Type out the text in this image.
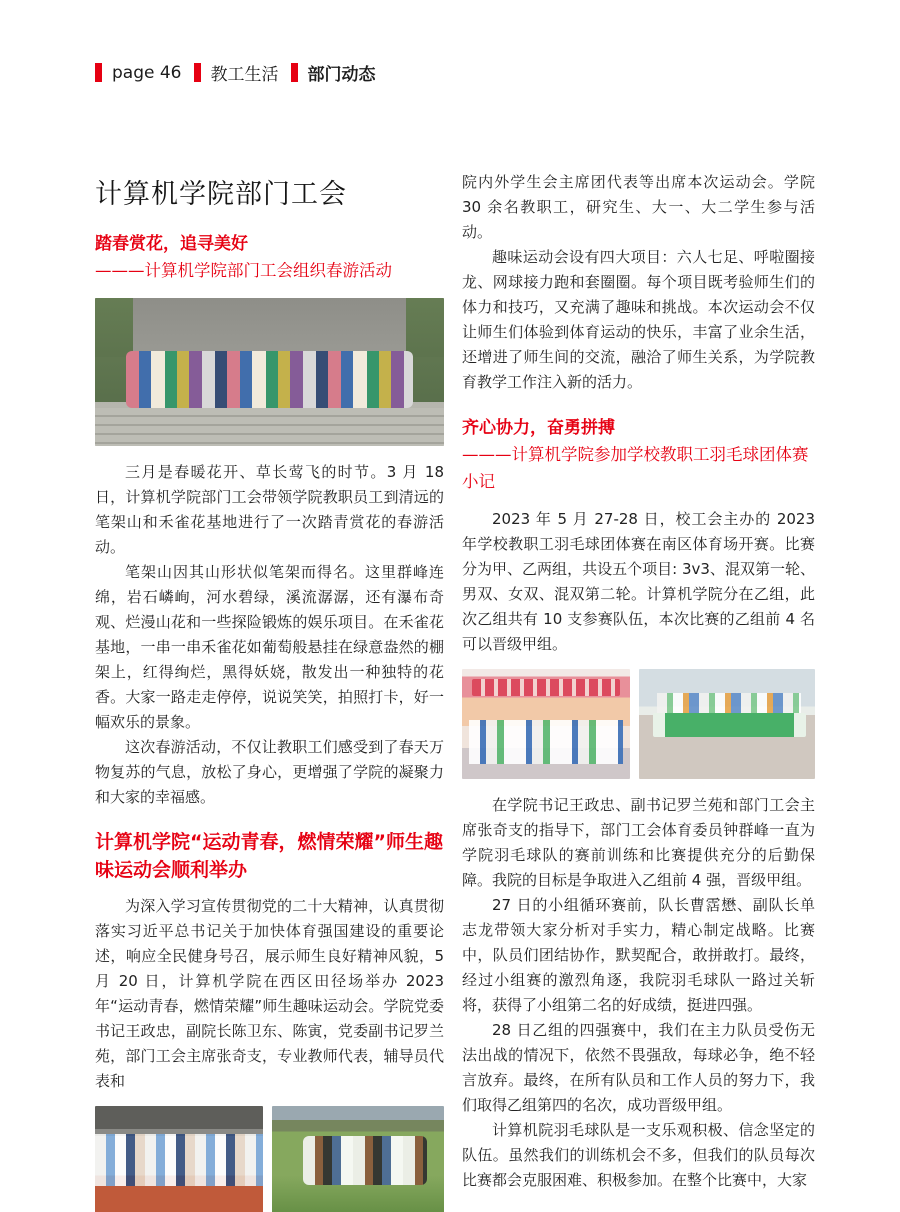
page 46 教工生活 部门动态
计算机学院部门工会
踏春赏花，追寻美好
———计算机学院部门工会组织春游活动

三月是春暖花开、草长莺飞的时节。3 月 18 日，计算机学院部门工会带领学院教职员工到清远的笔架山和禾雀花基地进行了一次踏青赏花的春游活动。

笔架山因其山形状似笔架而得名。这里群峰连绵，岩石嶙峋，河水碧绿，溪流潺潺，还有瀑布奇观、烂漫山花和一些探险锻炼的娱乐项目。在禾雀花基地，一串一串禾雀花如葡萄般悬挂在绿意盎然的棚架上，红得绚烂，黑得妖娆，散发出一种独特的花香。大家一路走走停停，说说笑笑，拍照打卡，好一幅欢乐的景象。

这次春游活动，不仅让教职工们感受到了春天万物复苏的气息，放松了身心，更增强了学院的凝聚力和大家的幸福感。

计算机学院“运动青春，燃情荣耀”师生趣味运动会顺利举办

为深入学习宣传贯彻党的二十大精神，认真贯彻落实习近平总书记关于加快体育强国建设的重要论述，响应全民健身号召，展示师生良好精神风貌，5 月 20 日，计算机学院在西区田径场举办 2023 年“运动青春，燃情荣耀”师生趣味运动会。学院党委书记王政忠，副院长陈卫东、陈寅，党委副书记罗兰苑，部门工会主席张奇支，专业教师代表，辅导员代表和

院内外学生会主席团代表等出席本次运动会。学院 30 余名教职工，研究生、大一、大二学生参与活动。

趣味运动会设有四大项目：六人七足、呼啦圈接龙、网球接力跑和套圈圈。每个项目既考验师生们的体力和技巧，又充满了趣味和挑战。本次运动会不仅让师生们体验到体育运动的快乐，丰富了业余生活，还增进了师生间的交流，融洽了师生关系，为学院教育教学工作注入新的活力。

齐心协力，奋勇拼搏
———计算机学院参加学校教职工羽毛球团体赛小记

2023 年 5 月 27-28 日，校工会主办的 2023 年学校教职工羽毛球团体赛在南区体育场开赛。比赛分为甲、乙两组，共设五个项目: 3v3、混双第一轮、男双、女双、混双第二轮。计算机学院分在乙组，此次乙组共有 10 支参赛队伍，本次比赛的乙组前 4 名可以晋级甲组。

在学院书记王政忠、副书记罗兰苑和部门工会主席张奇支的指导下，部门工会体育委员钟群峰一直为学院羽毛球队的赛前训练和比赛提供充分的后勤保障。我院的目标是争取进入乙组前 4 强，晋级甲组。

27 日的小组循环赛前，队长曹霑懋、副队长单志龙带领大家分析对手实力，精心制定战略。比赛中，队员们团结协作，默契配合，敢拼敢打。最终，经过小组赛的激烈角逐，我院羽毛球队一路过关斩将，获得了小组第二名的好成绩，挺进四强。

28 日乙组的四强赛中，我们在主力队员受伤无法出战的情况下，依然不畏强敌，每球必争，绝不轻言放弃。最终，在所有队员和工作人员的努力下，我们取得乙组第四的名次，成功晋级甲组。

计算机院羽毛球队是一支乐观积极、信念坚定的队伍。虽然我们的训练机会不多，但我们的队员每次比赛都会克服困难、积极参加。在整个比赛中，大家
